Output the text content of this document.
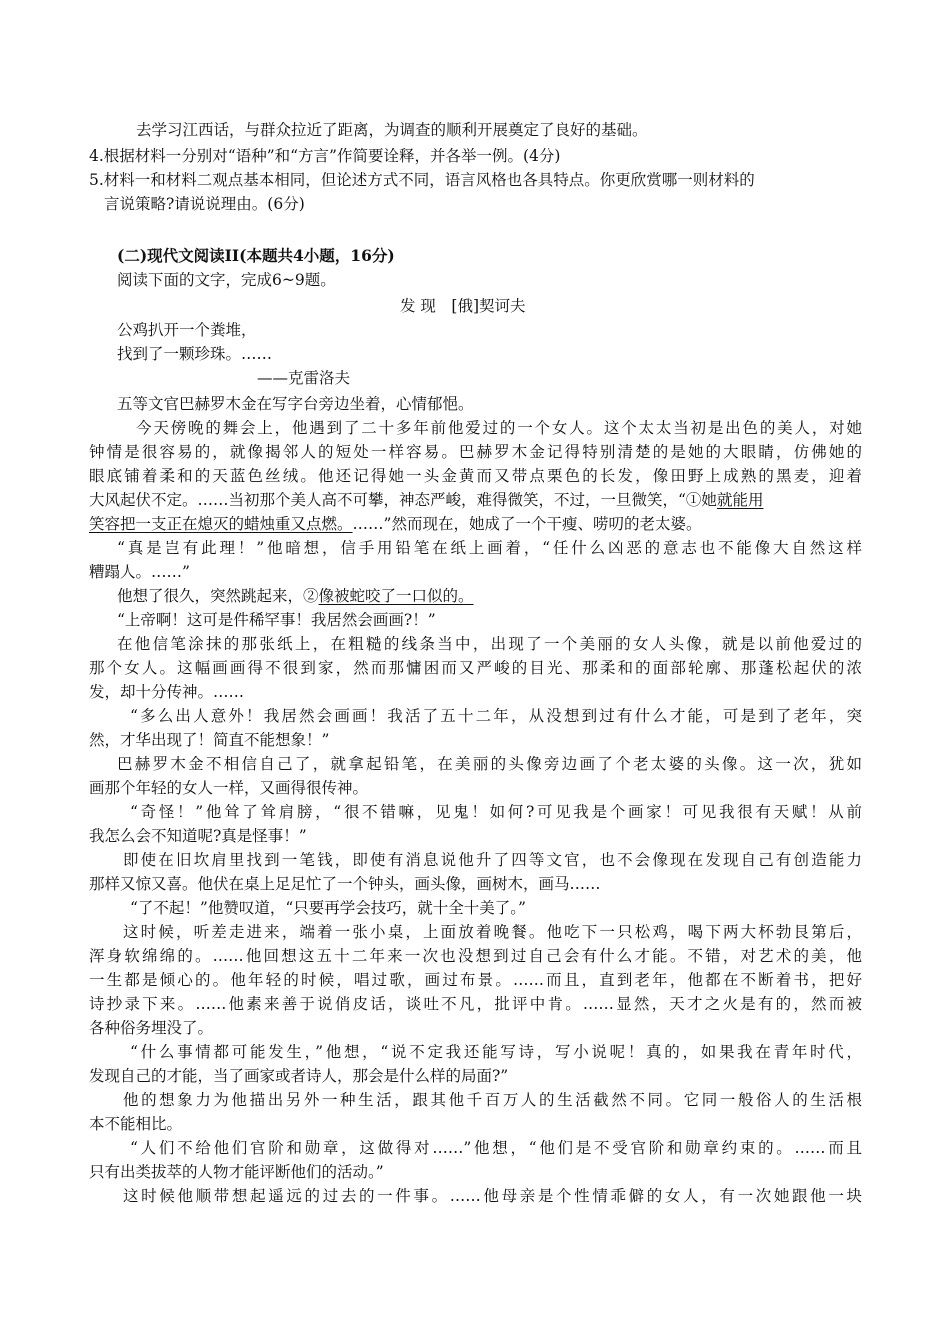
去学习江西话，与群众拉近了距离，为调查的顺利开展奠定了良好的基础。
4.根据材料一分别对“语种”和“方言”作简要诠释，并各举一例。(4分)
5.材料一和材料二观点基本相同，但论述方式不同，语言风格也各具特点。你更欣赏哪一则材料的
言说策略?请说说理由。(6分)
(二)现代文阅读II(本题共4小题，16分)
阅读下面的文字，完成6~9题。
发 现　[俄]契诃夫
公鸡扒开一个粪堆，
找到了一颗珍珠。……
——克雷洛夫
五等文官巴赫罗木金在写字台旁边坐着，心情郁悒。
今天傍晚的舞会上，他遇到了二十多年前他爱过的一个女人。这个太太当初是出色的美人，对她
钟情是很容易的，就像揭邻人的短处一样容易。巴赫罗木金记得特别清楚的是她的大眼睛，仿佛她的
眼底铺着柔和的天蓝色丝绒。他还记得她一头金黄而又带点栗色的长发，像田野上成熟的黑麦，迎着
大风起伏不定。……当初那个美人高不可攀，神态严峻，难得微笑，不过，一旦微笑，“①她就能用
笑容把一支正在熄灭的蜡烛重又点燃。……”然而现在，她成了一个干瘦、唠叨的老太婆。
“真是岂有此理！”他暗想，信手用铅笔在纸上画着，“任什么凶恶的意志也不能像大自然这样
糟蹋人。……”
他想了很久，突然跳起来，②像被蛇咬了一口似的。
“上帝啊！这可是件稀罕事！我居然会画画?！”
在他信笔涂抹的那张纸上，在粗糙的线条当中，出现了一个美丽的女人头像，就是以前他爱过的
那个女人。这幅画画得不很到家，然而那慵困而又严峻的目光、那柔和的面部轮廓、那蓬松起伏的浓
发，却十分传神。……
“多么出人意外！我居然会画画！我活了五十二年，从没想到过有什么才能，可是到了老年，突
然，才华出现了！简直不能想象！”
巴赫罗木金不相信自己了，就拿起铅笔，在美丽的头像旁边画了个老太婆的头像。这一次，犹如
画那个年轻的女人一样，又画得很传神。
“奇怪！”他耸了耸肩膀，“很不错嘛，见鬼！如何?可见我是个画家！可见我很有天赋！从前
我怎么会不知道呢?真是怪事！”
即使在旧坎肩里找到一笔钱，即使有消息说他升了四等文官，也不会像现在发现自己有创造能力
那样又惊又喜。他伏在桌上足足忙了一个钟头，画头像，画树木，画马……
“了不起！”他赞叹道，“只要再学会技巧，就十全十美了。”
这时候，听差走进来，端着一张小桌，上面放着晚餐。他吃下一只松鸡，喝下两大杯勃艮第后，
浑身软绵绵的。……他回想这五十二年来一次也没想到过自己会有什么才能。不错，对艺术的美，他
一生都是倾心的。他年轻的时候，唱过歌，画过布景。……而且，直到老年，他都在不断着书，把好
诗抄录下来。……他素来善于说俏皮话，谈吐不凡，批评中肯。……显然，天才之火是有的，然而被
各种俗务埋没了。
“什么事情都可能发生，”他想，“说不定我还能写诗，写小说呢！真的，如果我在青年时代，
发现自己的才能，当了画家或者诗人，那会是什么样的局面?”
他的想象力为他描出另外一种生活，跟其他千百万人的生活截然不同。它同一般俗人的生活根
本不能相比。
“人们不给他们官阶和勋章，这做得对……”他想，“他们是不受官阶和勋章约束的。……而且
只有出类拔萃的人物才能评断他们的活动。”
这时候他顺带想起遥远的过去的一件事。……他母亲是个性情乖僻的女人，有一次她跟他一块
